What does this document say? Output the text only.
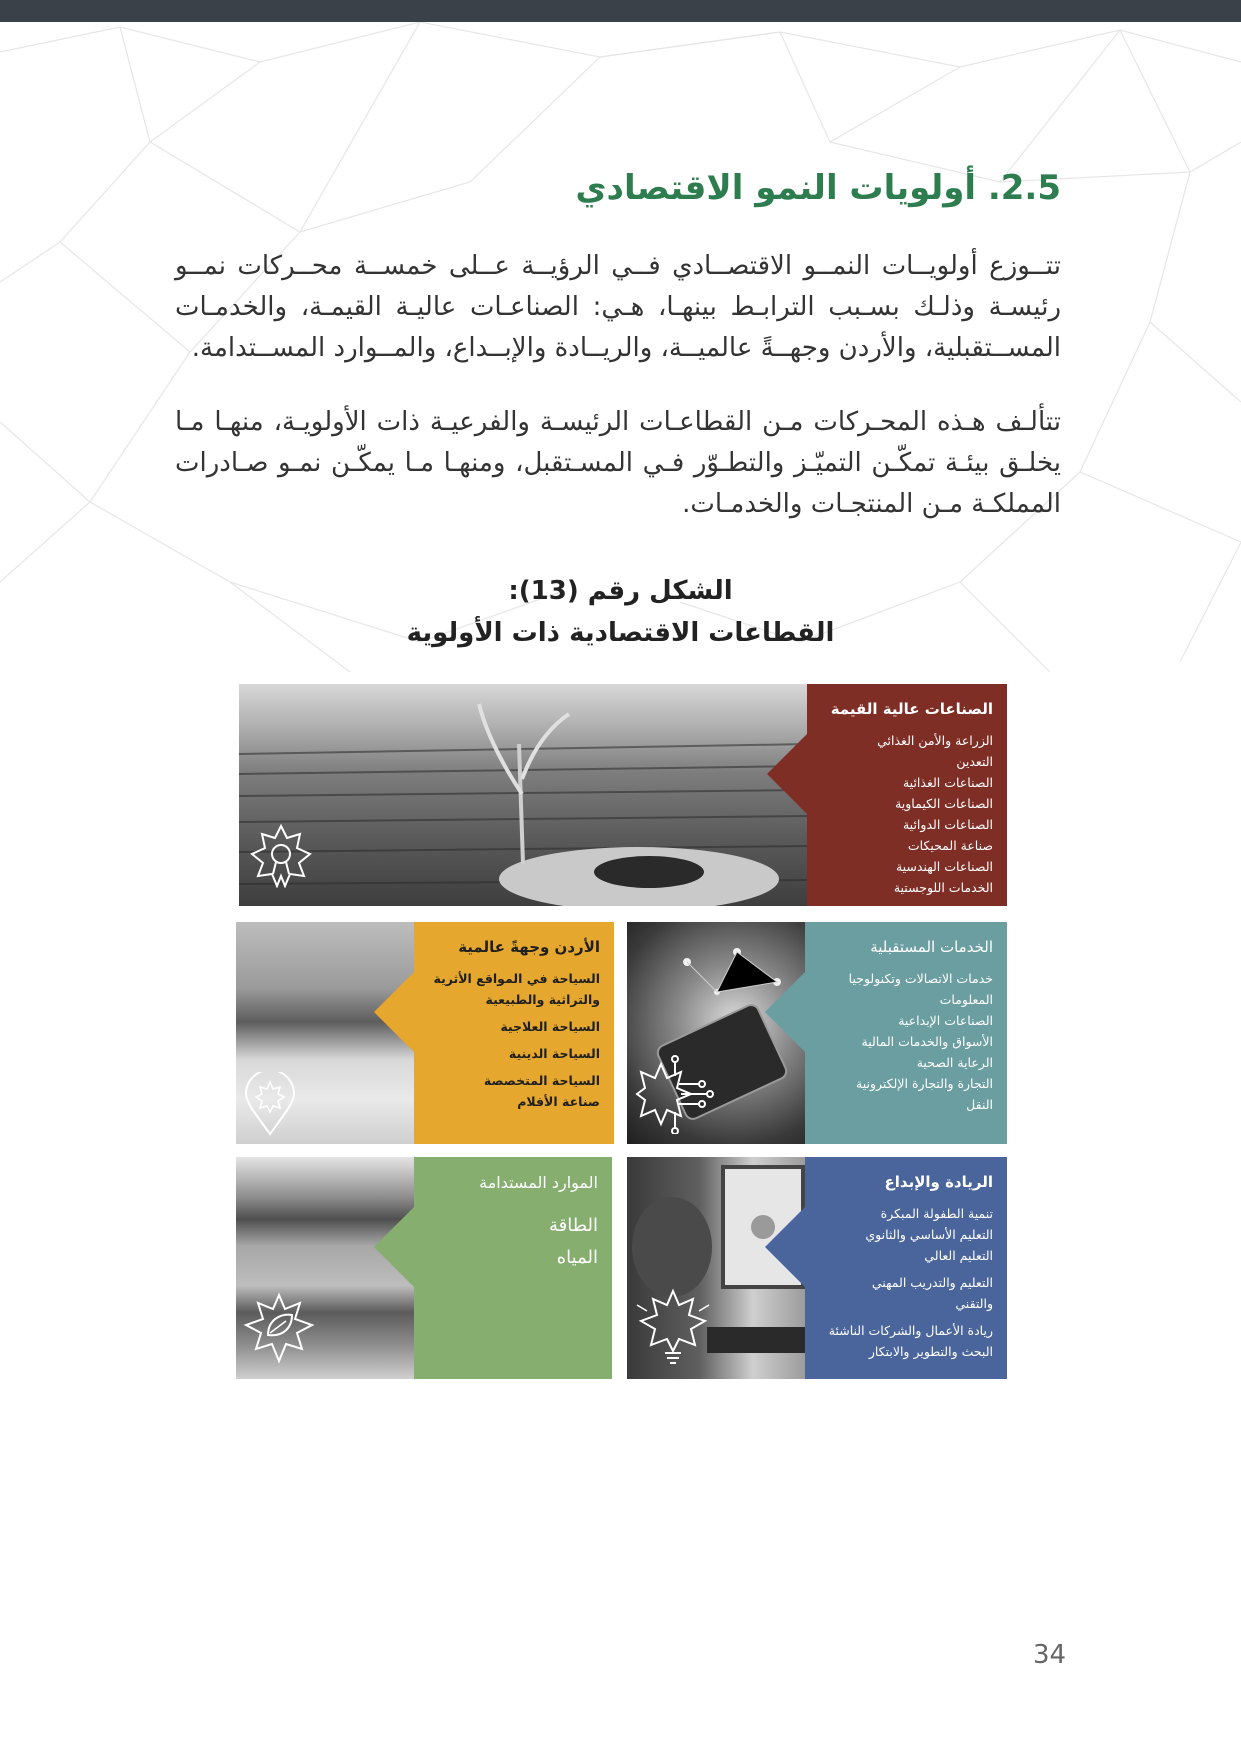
2.5. أولويات النمو الاقتصادي

تتــوزع أولويــات النمــو الاقتصــادي فــي الرؤيــة عــلى خمســة محــركات نمــو رئيسـة وذلـك بسـبب الترابـط بينهـا، هـي: الصناعـات عاليـة القيمـة، والخدمـات المســتقبلية، والأردن وجهــةً عالميــة، والريــادة والإبــداع، والمــوارد المســتدامة.

تتألـف هـذه المحـركات مـن القطاعـات الرئيسـة والفرعيـة ذات الأولويـة، منهـا مـا يخلـق بيئـة تمكّـن التميّـز والتطـوّر فـي المسـتقبل، ومنهـا مـا يمكّـن نمـو صـادرات المملكـة مـن المنتجـات والخدمـات.

الشكل رقم (13):
القطاعات الاقتصادية ذات الأولوية
الصناعات عالية القيمة
الزراعة والأمن الغذائي
التعدين
الصناعات الغذائية
الصناعات الكيماوية
الصناعات الدوائية
صناعة المحيكات
الصناعات الهندسية
الخدمات اللوجستية
الأردن وجهةً عالمية
السياحة في المواقع الأثرية
والتراثية والطبيعية
السياحة العلاجية
السياحة الدينية
السياحة المتخصصة
صناعة الأفلام
الخدمات المستقبلية
خدمات الاتصالات وتكنولوجيا
المعلومات
الصناعات الإبداعية
الأسواق والخدمات المالية
الرعاية الصحية
التجارة والتجارة الإلكترونية
النقل
الموارد المستدامة
الطاقة
المياه
الريادة والإبداع
تنمية الطفولة المبكرة
التعليم الأساسي والثانوي
التعليم العالي
التعليم والتدريب المهني
والتقني
ريادة الأعمال والشركات الناشئة
البحث والتطوير والابتكار

34
